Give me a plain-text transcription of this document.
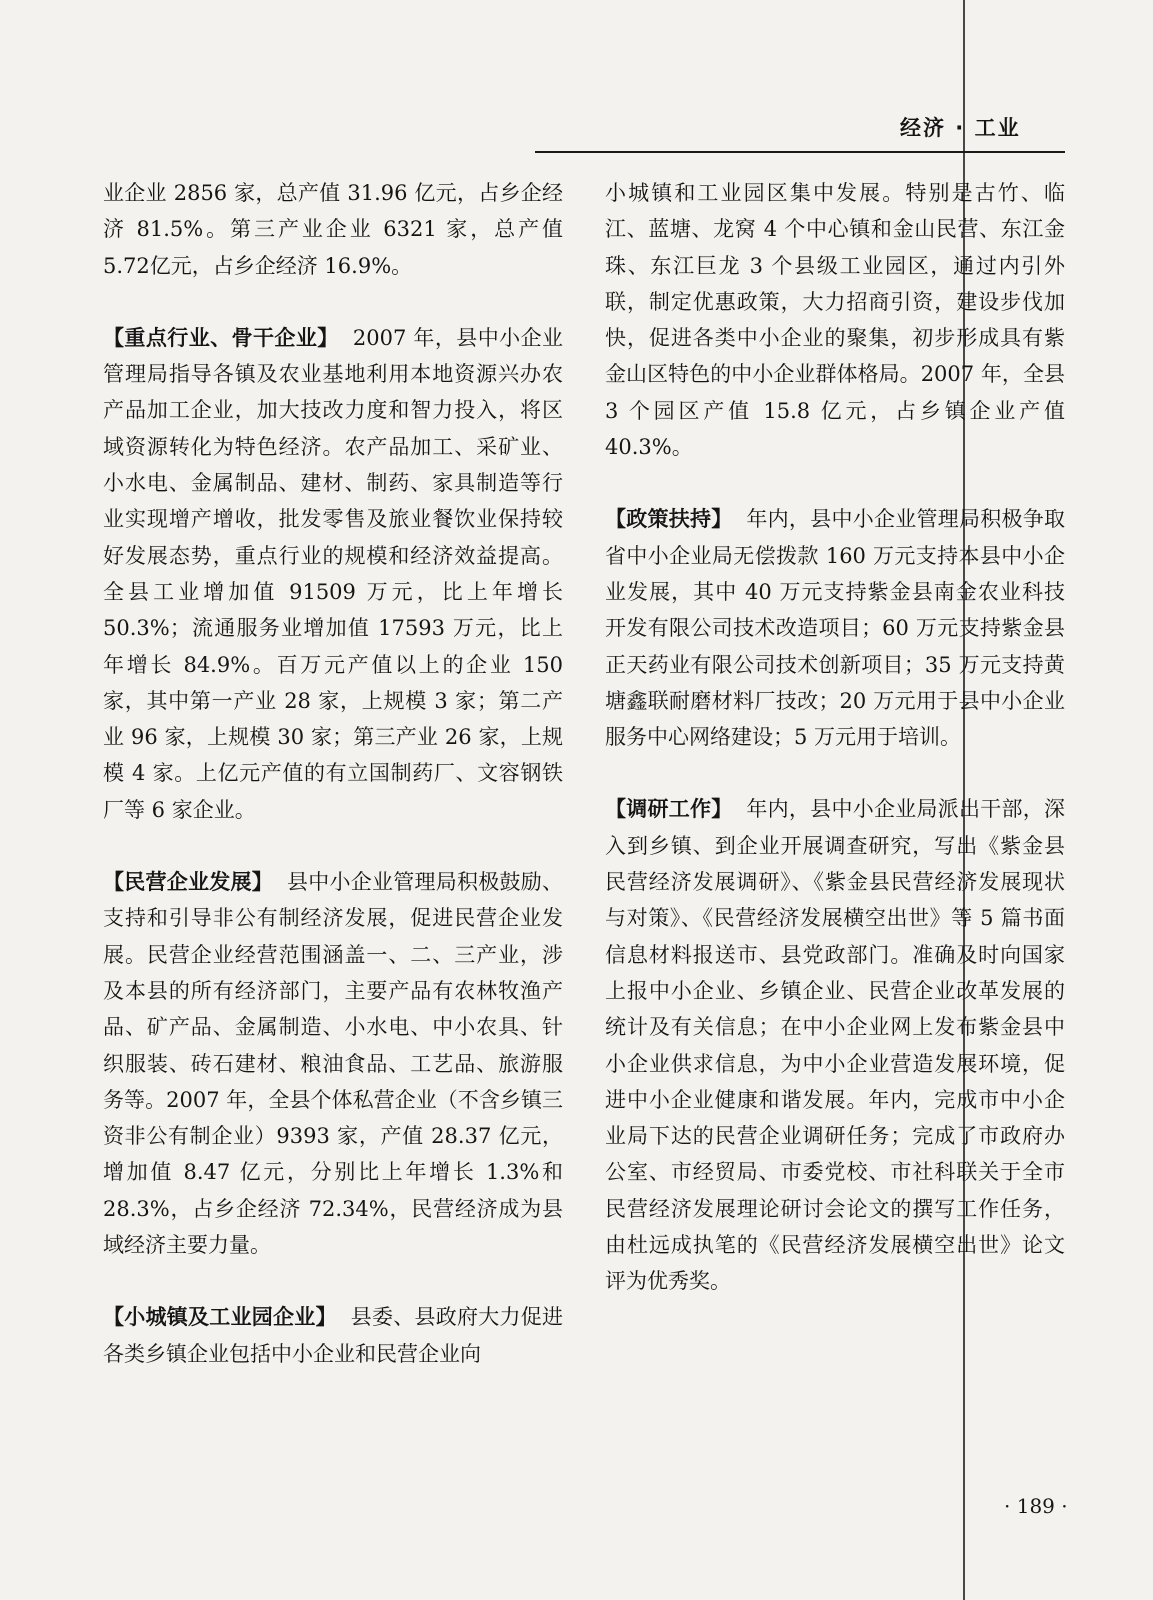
经济 · 工业

业企业 2856 家，总产值 31.96 亿元，占乡企经济 81.5%。第三产业企业 6321 家，总产值 5.72亿元，占乡企经济 16.9%。

【重点行业、骨干企业】 2007 年，县中小企业管理局指导各镇及农业基地利用本地资源兴办农产品加工企业，加大技改力度和智力投入，将区域资源转化为特色经济。农产品加工、采矿业、小水电、金属制品、建材、制药、家具制造等行业实现增产增收，批发零售及旅业餐饮业保持较好发展态势，重点行业的规模和经济效益提高。全县工业增加值 91509 万元，比上年增长 50.3%；流通服务业增加值 17593 万元，比上年增长 84.9%。百万元产值以上的企业 150 家，其中第一产业 28 家，上规模 3 家；第二产业 96 家，上规模 30 家；第三产业 26 家，上规模 4 家。上亿元产值的有立国制药厂、文容钢铁厂等 6 家企业。

【民营企业发展】 县中小企业管理局积极鼓励、支持和引导非公有制经济发展，促进民营企业发展。民营企业经营范围涵盖一、二、三产业，涉及本县的所有经济部门，主要产品有农林牧渔产品、矿产品、金属制造、小水电、中小农具、针织服装、砖石建材、粮油食品、工艺品、旅游服务等。2007 年，全县个体私营企业（不含乡镇三资非公有制企业）9393 家，产值 28.37 亿元，增加值 8.47 亿元，分别比上年增长 1.3%和 28.3%，占乡企经济 72.34%，民营经济成为县域经济主要力量。

【小城镇及工业园企业】 县委、县政府大力促进各类乡镇企业包括中小企业和民营企业向

小城镇和工业园区集中发展。特别是古竹、临江、蓝塘、龙窝 4 个中心镇和金山民营、东江金珠、东江巨龙 3 个县级工业园区，通过内引外联，制定优惠政策，大力招商引资，建设步伐加快，促进各类中小企业的聚集，初步形成具有紫金山区特色的中小企业群体格局。2007 年，全县 3 个园区产值 15.8 亿元，占乡镇企业产值 40.3%。

【政策扶持】 年内，县中小企业管理局积极争取省中小企业局无偿拨款 160 万元支持本县中小企业发展，其中 40 万元支持紫金县南金农业科技开发有限公司技术改造项目；60 万元支持紫金县正天药业有限公司技术创新项目；35 万元支持黄塘鑫联耐磨材料厂技改；20 万元用于县中小企业服务中心网络建设；5 万元用于培训。

【调研工作】 年内，县中小企业局派出干部，深入到乡镇、到企业开展调查研究，写出《紫金县民营经济发展调研》、《紫金县民营经济发展现状与对策》、《民营经济发展横空出世》等 5 篇书面信息材料报送市、县党政部门。准确及时向国家上报中小企业、乡镇企业、民营企业改革发展的统计及有关信息；在中小企业网上发布紫金县中小企业供求信息，为中小企业营造发展环境，促进中小企业健康和谐发展。年内，完成市中小企业局下达的民营企业调研任务；完成了市政府办公室、市经贸局、市委党校、市社科联关于全市民营经济发展理论研讨会论文的撰写工作任务，由杜远成执笔的《民营经济发展横空出世》论文评为优秀奖。

· 189 ·
